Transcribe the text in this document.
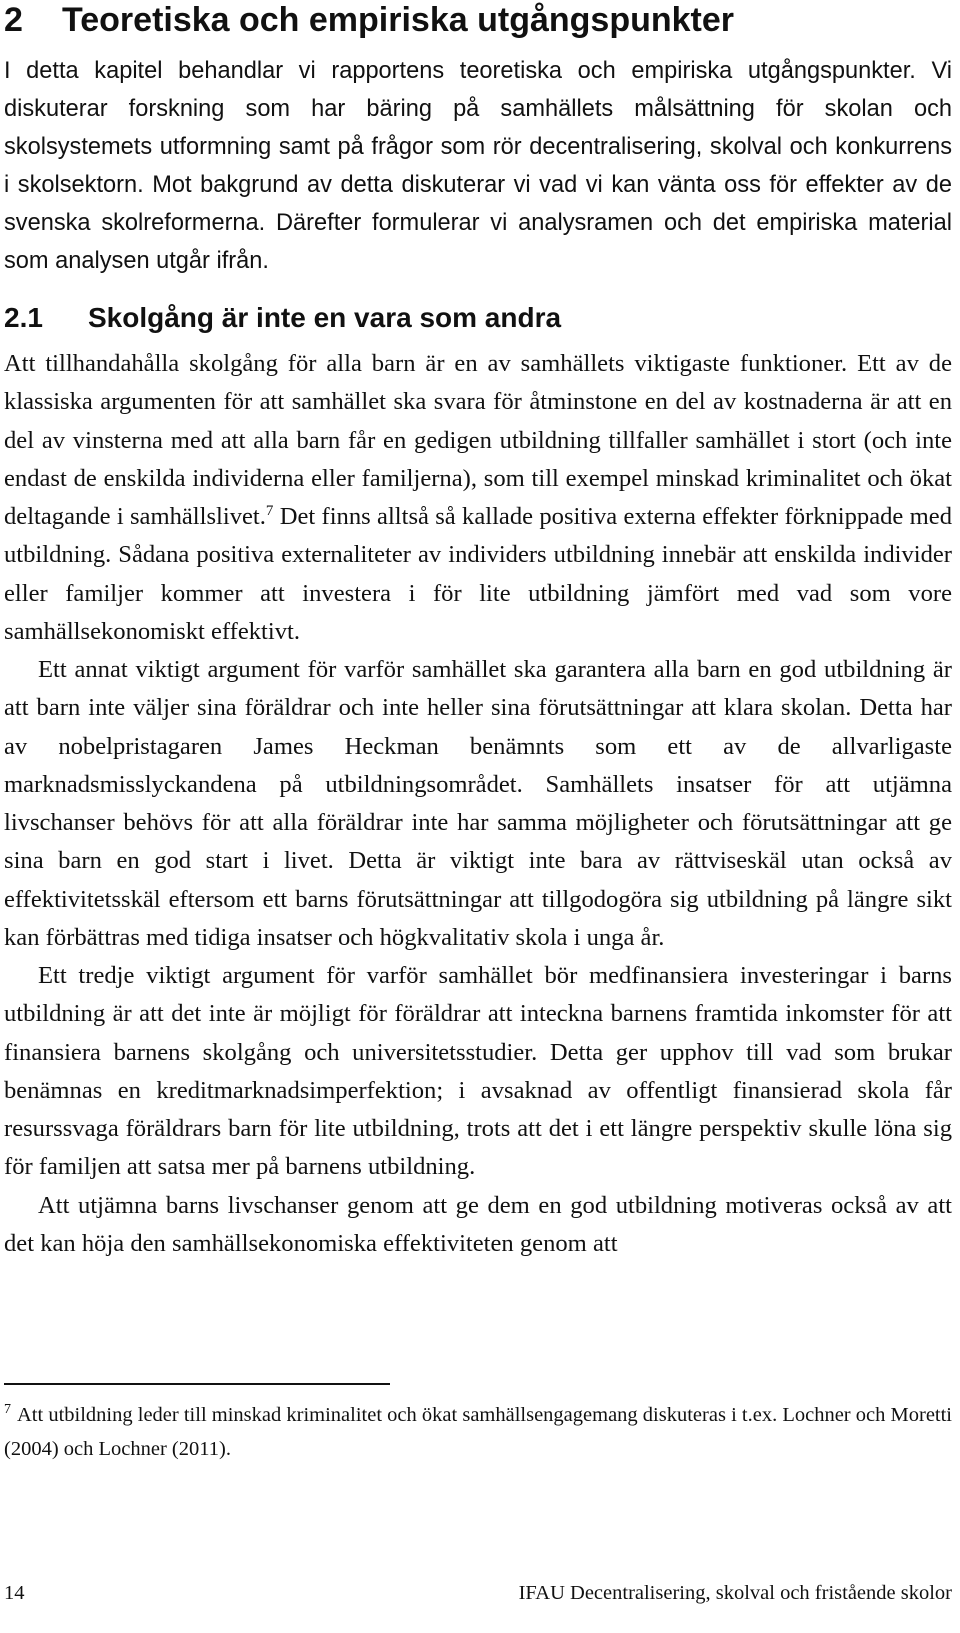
2 Teoretiska och empiriska utgångspunkter

I detta kapitel behandlar vi rapportens teoretiska och empiriska utgångspunkter. Vi diskuterar forskning som har bäring på samhällets målsättning för skolan och skolsystemets utformning samt på frågor som rör decentralisering, skolval och konkurrens i skolsektorn. Mot bakgrund av detta diskuterar vi vad vi kan vänta oss för effekter av de svenska skolreformerna. Därefter formulerar vi analysramen och det empiriska material som analysen utgår ifrån.

2.1 Skolgång är inte en vara som andra

Att tillhandahålla skolgång för alla barn är en av samhällets viktigaste funktioner. Ett av de klassiska argumenten för att samhället ska svara för åtminstone en del av kostnaderna är att en del av vinsterna med att alla barn får en gedigen utbildning tillfaller samhället i stort (och inte endast de enskilda individerna eller familjerna), som till exempel minskad kriminalitet och ökat deltagande i samhällslivet.$^7$ Det finns alltså så kallade positiva externa effekter förknippade med utbildning. Sådana positiva externaliteter av individers utbildning innebär att enskilda individer eller familjer kommer att investera i för lite utbildning jämfört med vad som vore samhällsekonomiskt effektivt.

Ett annat viktigt argument för varför samhället ska garantera alla barn en god utbildning är att barn inte väljer sina föräldrar och inte heller sina förutsättningar att klara skolan. Detta har av nobelpristagaren James Heckman benämnts som ett av de allvarligaste marknadsmisslyckandena på utbildningsområdet. Samhällets insatser för att utjämna livschanser behövs för att alla föräldrar inte har samma möjligheter och förutsättningar att ge sina barn en god start i livet. Detta är viktigt inte bara av rättviseskäl utan också av effektivitetsskäl eftersom ett barns förutsättningar att tillgodogöra sig utbildning på längre sikt kan förbättras med tidiga insatser och högkvalitativ skola i unga år.

Ett tredje viktigt argument för varför samhället bör medfinansiera investeringar i barns utbildning är att det inte är möjligt för föräldrar att inteckna barnens framtida inkomster för att finansiera barnens skolgång och universitetsstudier. Detta ger upphov till vad som brukar benämnas en kreditmarknadsimperfektion; i avsaknad av offentligt finansierad skola får resurssvaga föräldrars barn för lite utbildning, trots att det i ett längre perspektiv skulle löna sig för familjen att satsa mer på barnens utbildning.

Att utjämna barns livschanser genom att ge dem en god utbildning motiveras också av att det kan höja den samhällsekonomiska effektiviteten genom att

$^7$ Att utbildning leder till minskad kriminalitet och ökat samhällsengagemang diskuteras i t.ex. Lochner och Moretti (2004) och Lochner (2011).

14	IFAU Decentralisering, skolval och fristående skolor
